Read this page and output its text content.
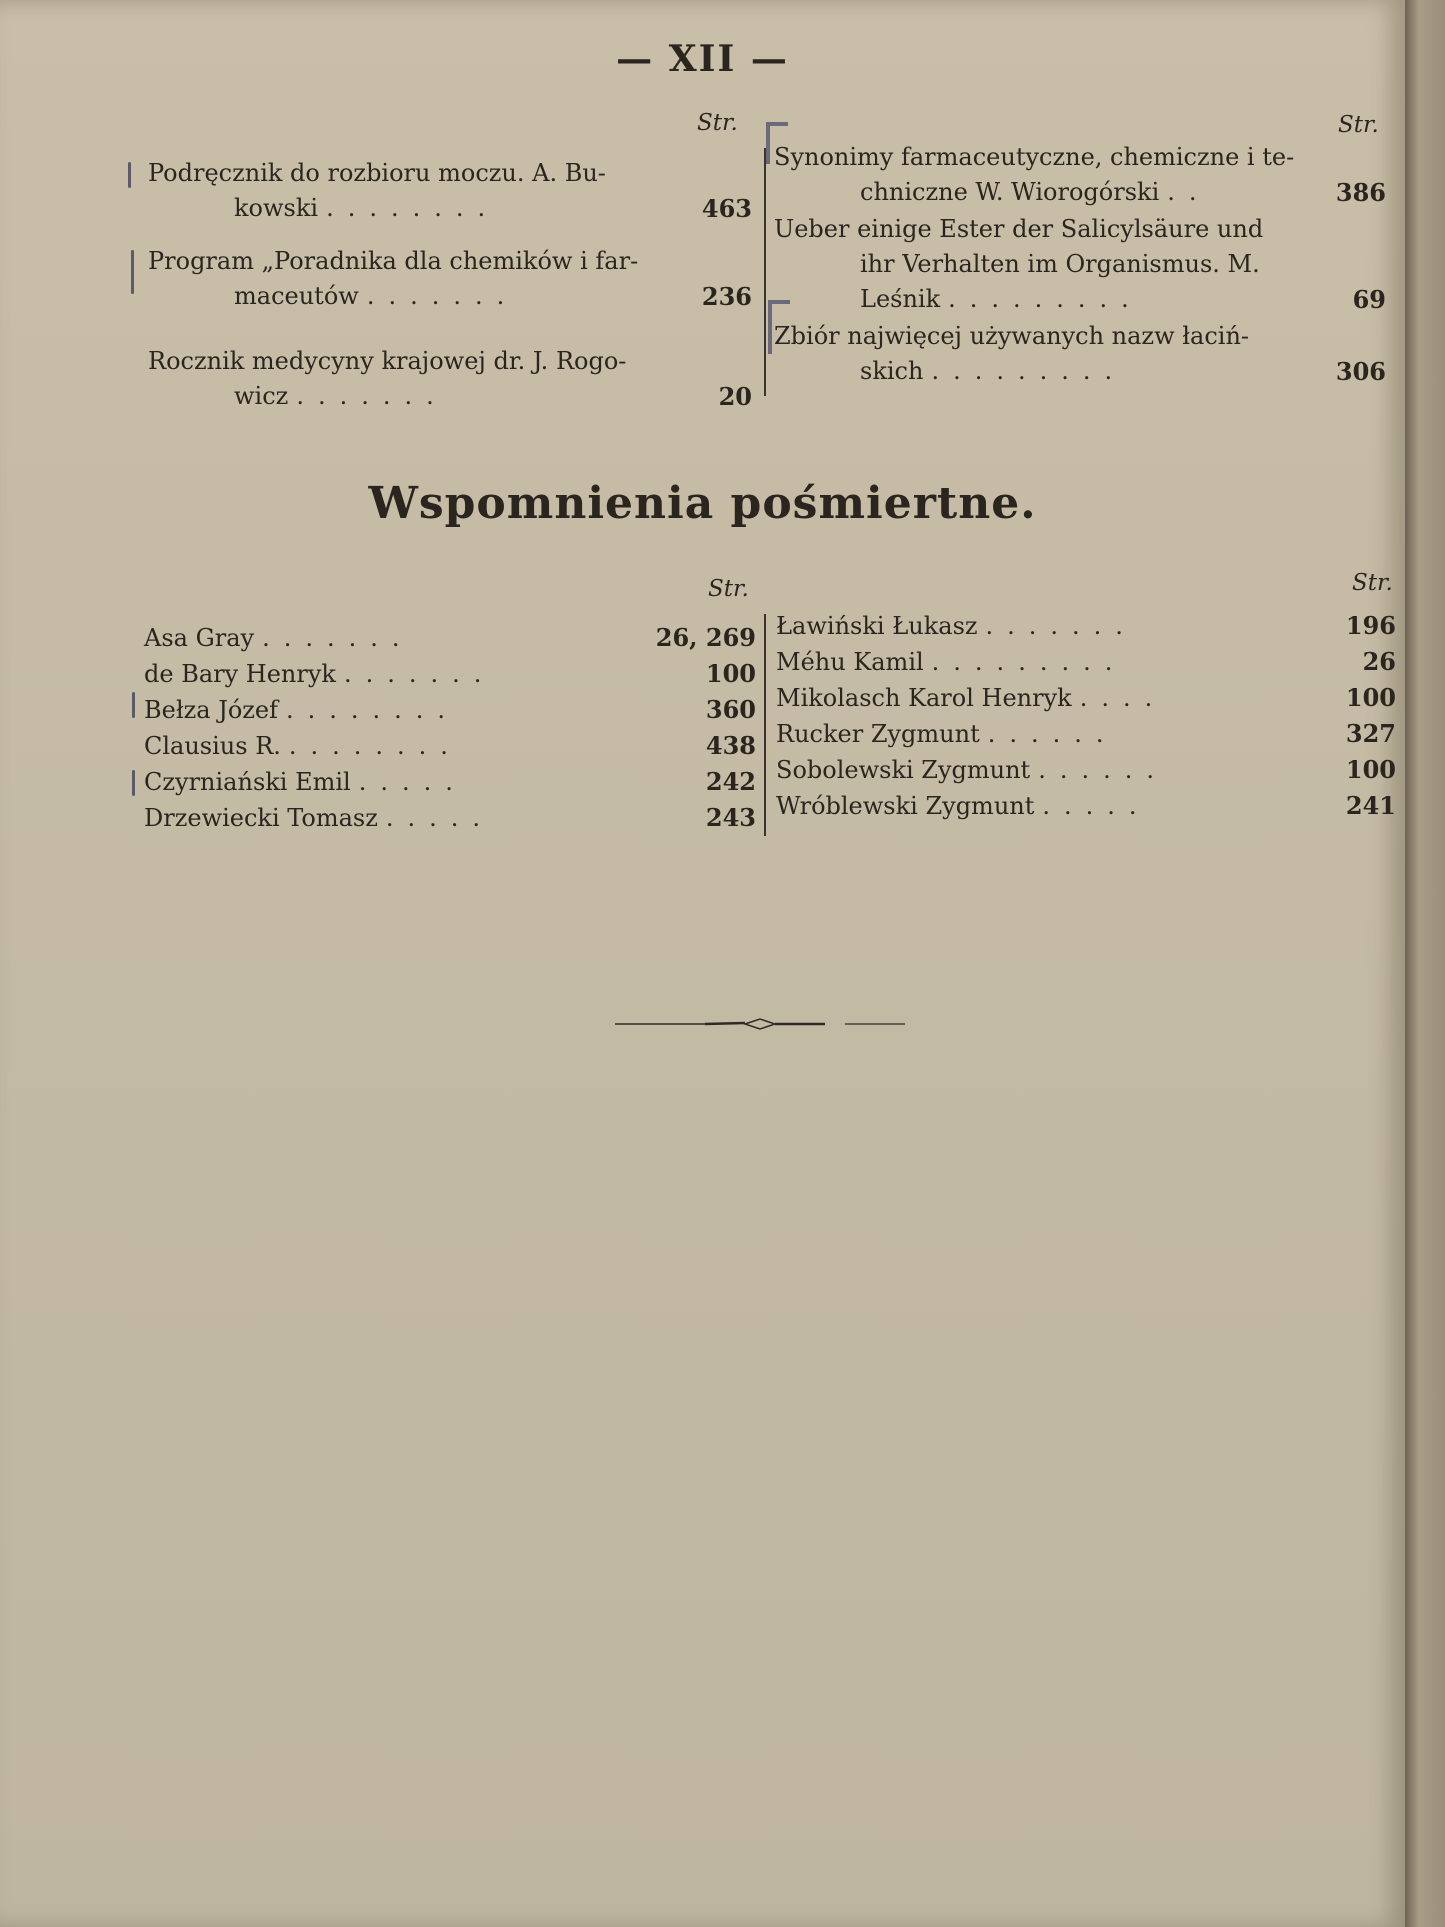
— XII —
Str.	Str.
Podręcznik do rozbioru moczu. A. Bu-
kowski ........	463
Program „Poradnika dla chemików i far-
maceutów .......	236
Rocznik medycyny krajowej dr. J. Rogo-
wicz .......	20
Synonimy farmaceutyczne, chemiczne i te-
chniczne W. Wiorogórski ..	386
Ueber einige Ester der Salicylsäure und
ihr Verhalten im Organismus. M.
Leśnik .........	69
Zbiór najwięcej używanych nazw łaciń-
skich .........	306
Wspomnienia pośmiertne.
Str.	Str.
Asa Gray .......	26, 269
de Bary Henryk .......	100
Bełza Józef ........	360
Clausius R. ........	438
Czyrniański Emil .....	242
Drzewiecki Tomasz .....	243
Ławiński Łukasz .......	196
Méhu Kamil .........	26
Mikolasch Karol Henryk ....	100
Rucker Zygmunt ......	327
Sobolewski Zygmunt ......	100
Wróblewski Zygmunt .....	241
